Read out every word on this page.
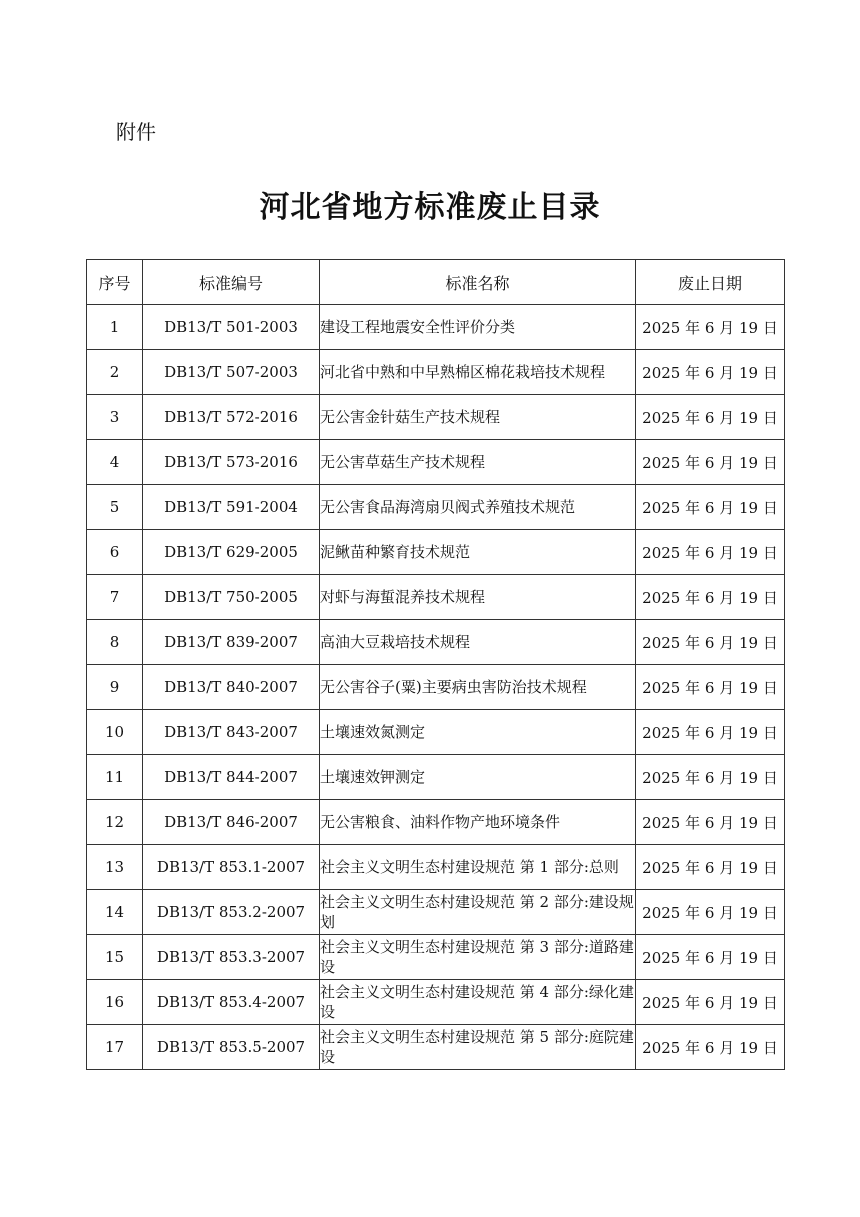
附件
河北省地方标准废止目录
序号	标准编号	标准名称	废止日期
1	DB13/T 501-2003	建设工程地震安全性评价分类	2025 年 6 月 19 日
2	DB13/T 507-2003	河北省中熟和中早熟棉区棉花栽培技术规程	2025 年 6 月 19 日
3	DB13/T 572-2016	无公害金针菇生产技术规程	2025 年 6 月 19 日
4	DB13/T 573-2016	无公害草菇生产技术规程	2025 年 6 月 19 日
5	DB13/T 591-2004	无公害食品海湾扇贝阀式养殖技术规范	2025 年 6 月 19 日
6	DB13/T 629-2005	泥鳅苗种繁育技术规范	2025 年 6 月 19 日
7	DB13/T 750-2005	对虾与海蜇混养技术规程	2025 年 6 月 19 日
8	DB13/T 839-2007	高油大豆栽培技术规程	2025 年 6 月 19 日
9	DB13/T 840-2007	无公害谷子(粟)主要病虫害防治技术规程	2025 年 6 月 19 日
10	DB13/T 843-2007	土壤速效氮测定	2025 年 6 月 19 日
11	DB13/T 844-2007	土壤速效钾测定	2025 年 6 月 19 日
12	DB13/T 846-2007	无公害粮食、油料作物产地环境条件	2025 年 6 月 19 日
13	DB13/T 853.1-2007	社会主义文明生态村建设规范 第 1 部分:总则	2025 年 6 月 19 日
14	DB13/T 853.2-2007	社会主义文明生态村建设规范 第 2 部分:建设规划	2025 年 6 月 19 日
15	DB13/T 853.3-2007	社会主义文明生态村建设规范 第 3 部分:道路建设	2025 年 6 月 19 日
16	DB13/T 853.4-2007	社会主义文明生态村建设规范 第 4 部分:绿化建设	2025 年 6 月 19 日
17	DB13/T 853.5-2007	社会主义文明生态村建设规范 第 5 部分:庭院建设	2025 年 6 月 19 日
